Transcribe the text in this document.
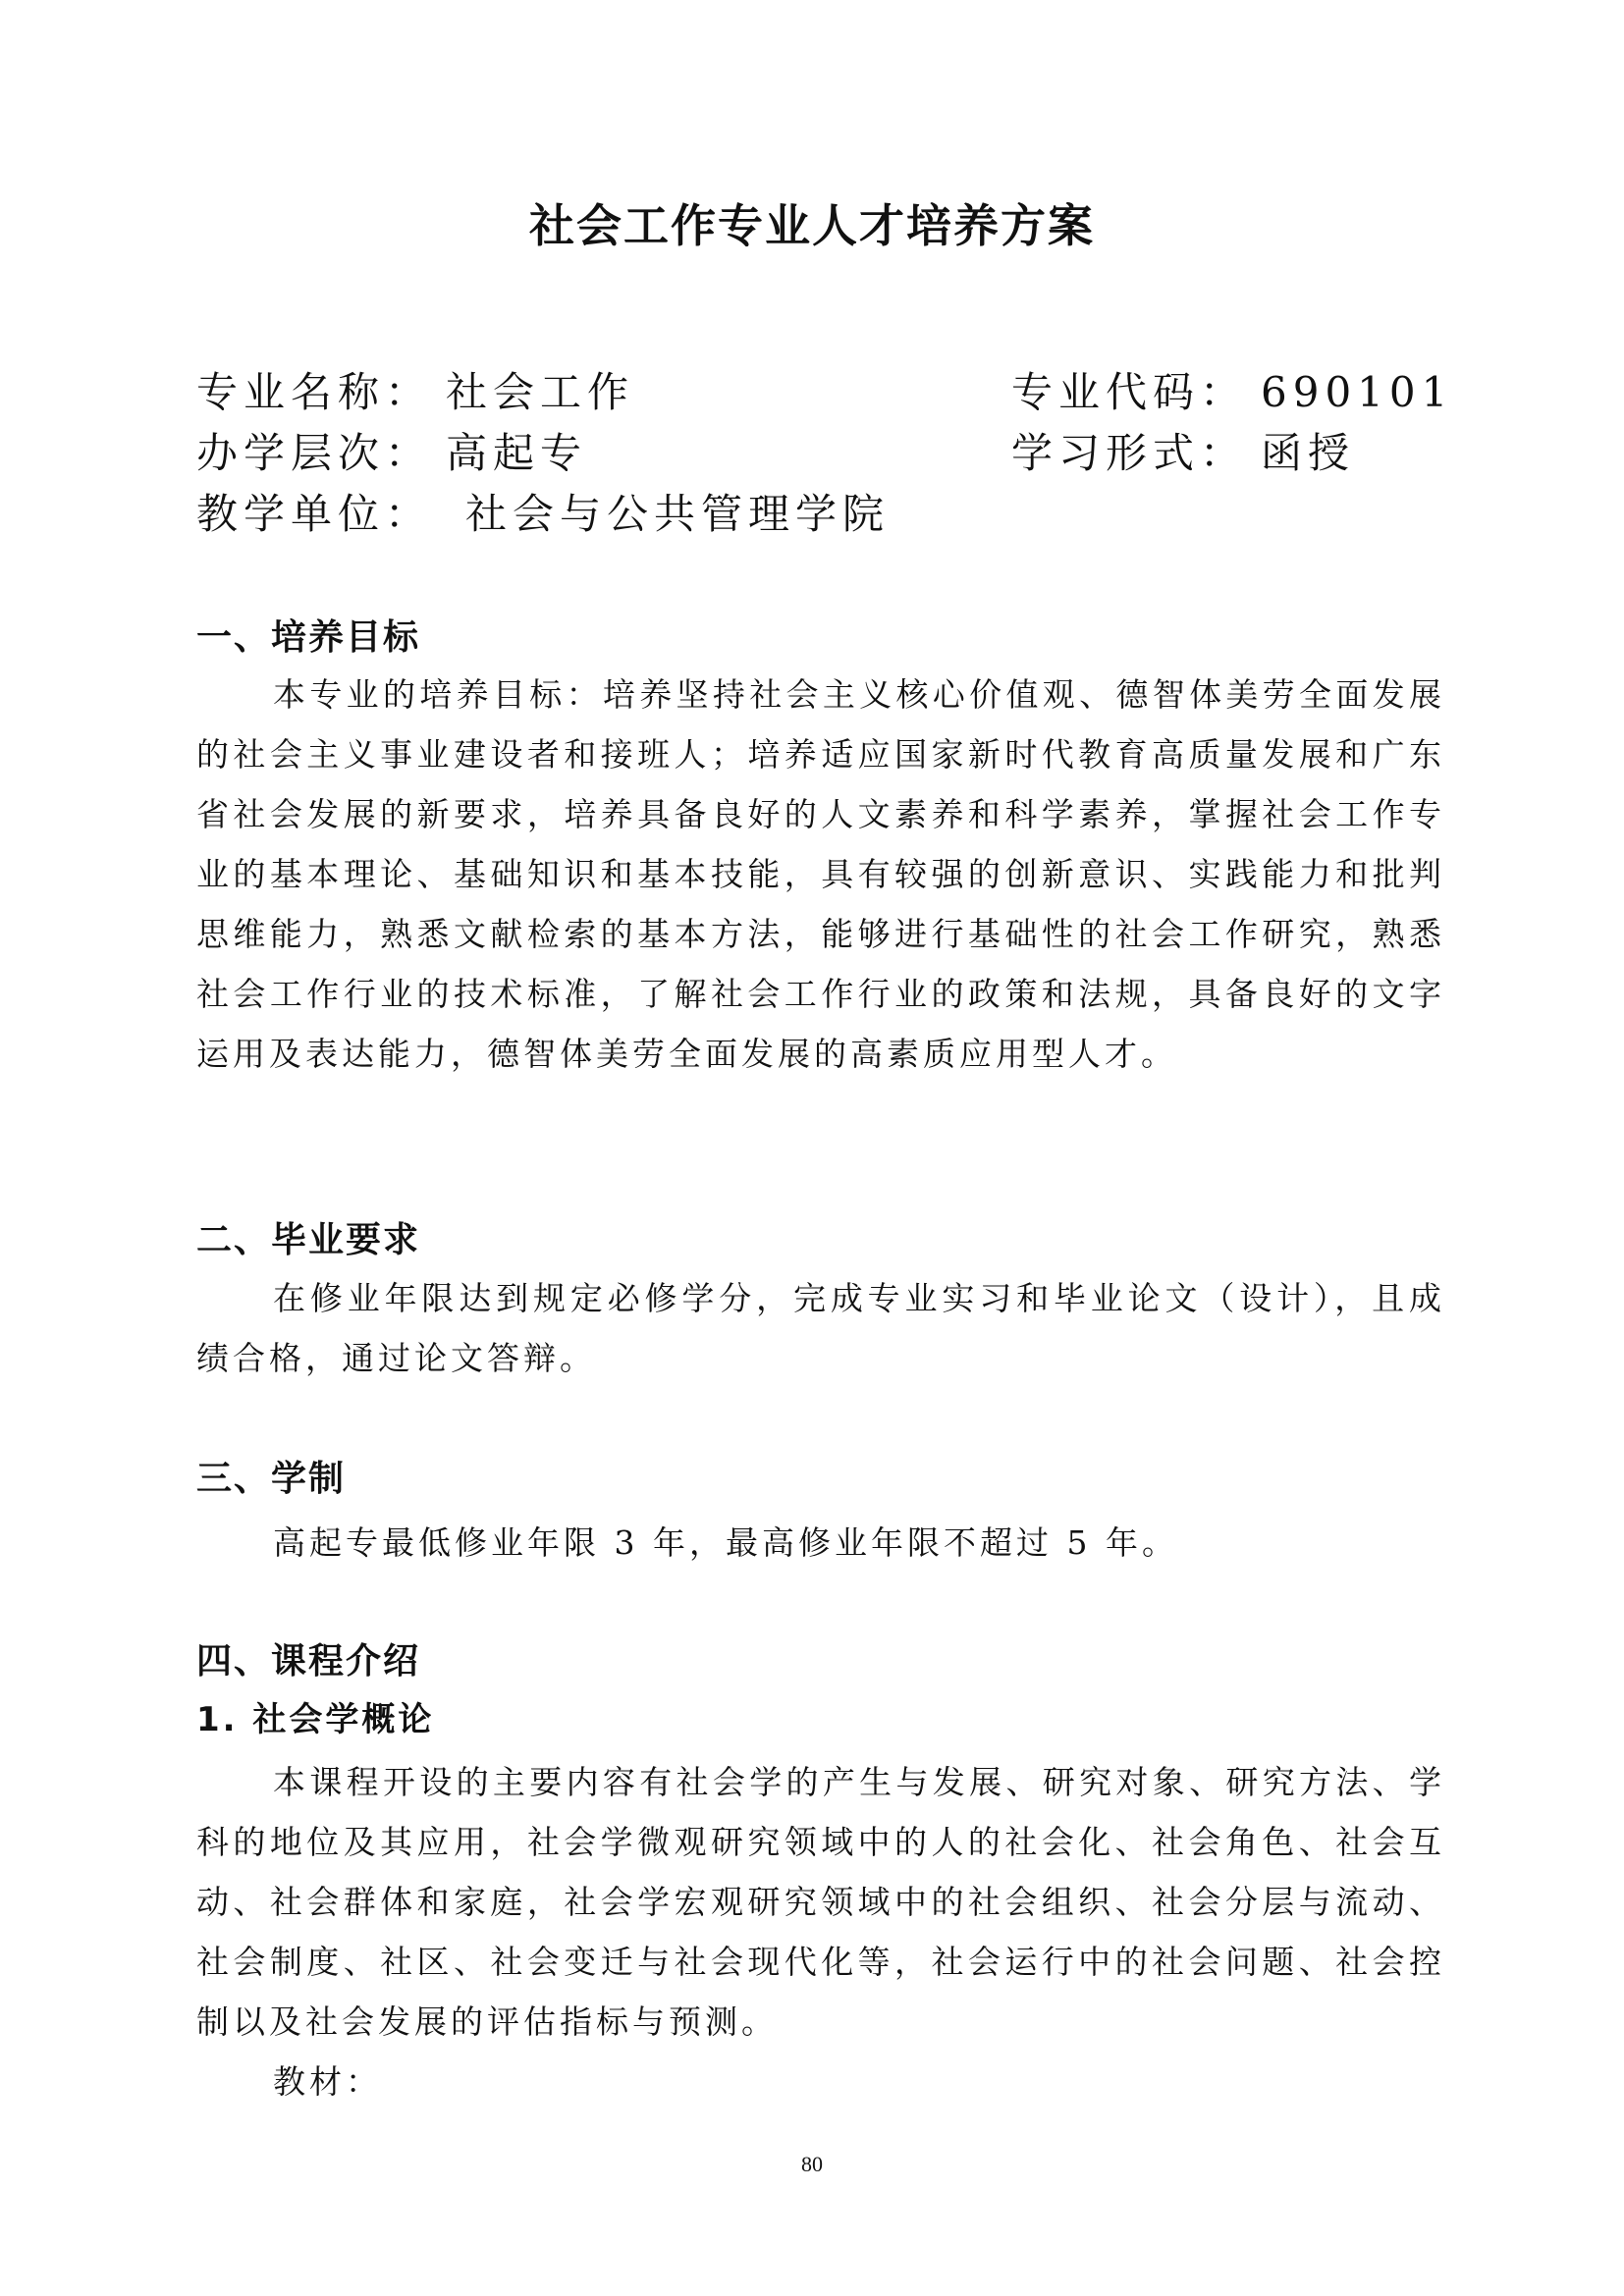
社会工作专业人才培养方案
专业名称： 社会工作	专业代码： 690101
办学层次： 高起专	学习形式： 函授
教学单位： 社会与公共管理学院
一、培养目标

本专业的培养目标：培养坚持社会主义核心价值观、德智体美劳全面发展的社会主义事业建设者和接班人；培养适应国家新时代教育高质量发展和广东省社会发展的新要求，培养具备良好的人文素养和科学素养，掌握社会工作专业的基本理论、基础知识和基本技能，具有较强的创新意识、实践能力和批判思维能力，熟悉文献检索的基本方法，能够进行基础性的社会工作研究，熟悉社会工作行业的技术标准，了解社会工作行业的政策和法规，具备良好的文字运用及表达能力，德智体美劳全面发展的高素质应用型人才。

二、毕业要求

在修业年限达到规定必修学分，完成专业实习和毕业论文（设计），且成绩合格，通过论文答辩。

三、学制

高起专最低修业年限 3 年，最高修业年限不超过 5 年。

四、课程介绍
1. 社会学概论

本课程开设的主要内容有社会学的产生与发展、研究对象、研究方法、学科的地位及其应用，社会学微观研究领域中的人的社会化、社会角色、社会互动、社会群体和家庭，社会学宏观研究领域中的社会组织、社会分层与流动、社会制度、社区、社会变迁与社会现代化等，社会运行中的社会问题、社会控制以及社会发展的评估指标与预测。

教材：

80
